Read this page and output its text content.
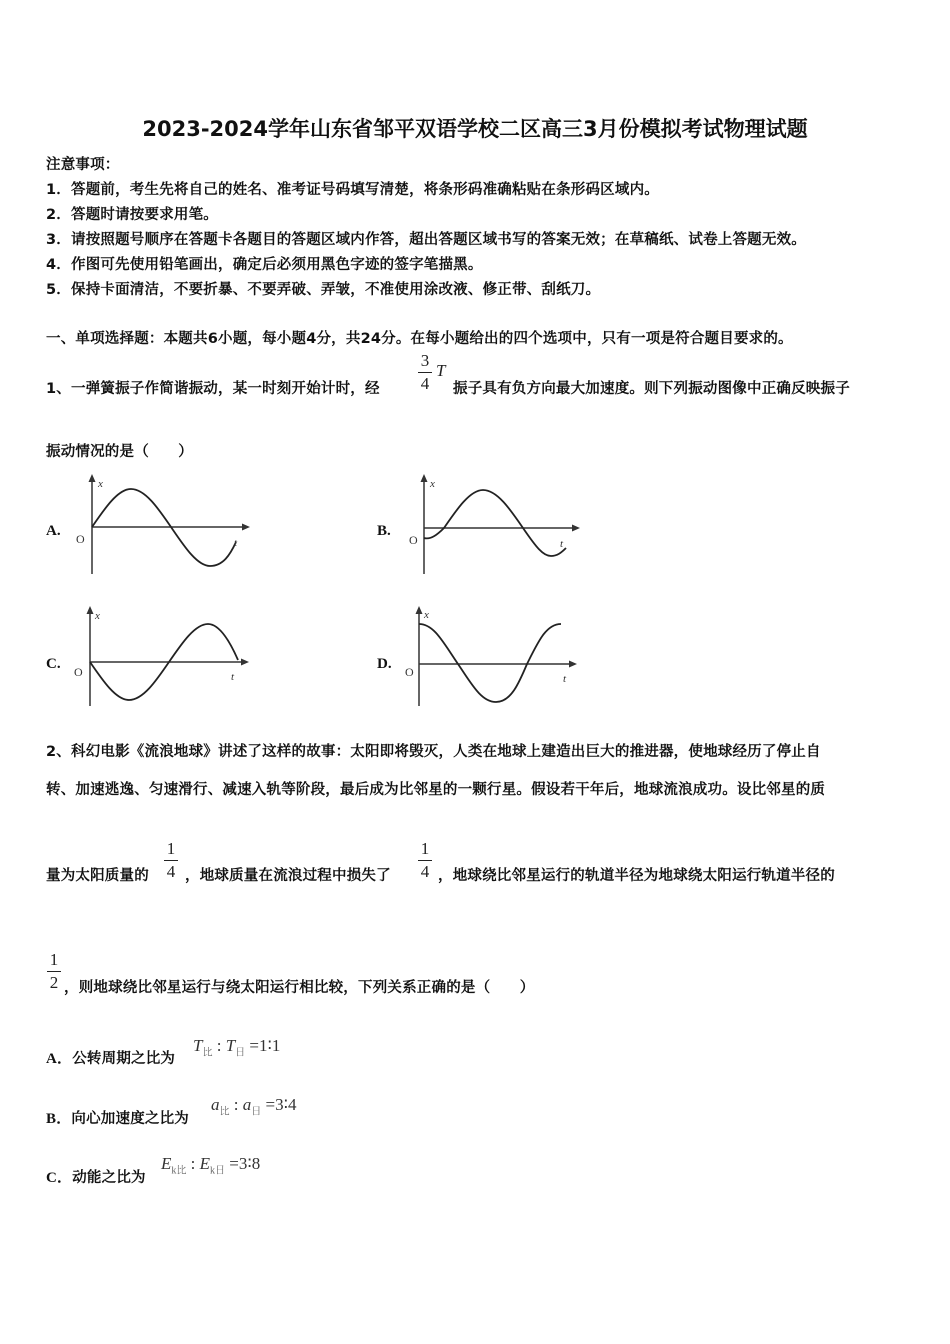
2023-2024学年山东省邹平双语学校二区高三3月份模拟考试物理试题
注意事项：
1．答题前，考生先将自己的姓名、准考证号码填写清楚，将条形码准确粘贴在条形码区域内。
2．答题时请按要求用笔。
3．请按照题号顺序在答题卡各题目的答题区域内作答，超出答题区域书写的答案无效；在草稿纸、试卷上答题无效。
4．作图可先使用铅笔画出，确定后必须用黑色字迹的签字笔描黑。
5．保持卡面清洁，不要折暴、不要弄破、弄皱，不准使用涂改液、修正带、刮纸刀。
一、单项选择题：本题共6小题，每小题4分，共24分。在每小题给出的四个选项中，只有一项是符合题目要求的。
1、一弹簧振子作简谐振动，某一时刻开始计时，经
3
4
T
振子具有负方向最大加速度。则下列振动图像中正确反映振子
振动情况的是（　　）
A.
x
t
O	B.
x
t
O
C.
x
t
O	D.
x
t
O
2、科幻电影《流浪地球》讲述了这样的故事：太阳即将毁灭，人类在地球上建造出巨大的推进器，使地球经历了停止自
转、加速逃逸、匀速滑行、减速入轨等阶段，最后成为比邻星的一颗行星。假设若干年后，地球流浪成功。设比邻星的质
量为太阳质量的
1
4 ，地球质量在流浪过程中损失了
1
4 ，地球绕比邻星运行的轨道半径为地球绕太阳运行轨道半径的
1
2 ，则地球绕比邻星运行与绕太阳运行相比较，下列关系正确的是（　　）
A．公转周期之比为
$T_比$ : $T_日$ =1∶1
B．向心加速度之比为
$a_比$ : $a_日$ =3∶4
C．动能之比为
$E_{k比}$ : $E_{k日}$ =3∶8
